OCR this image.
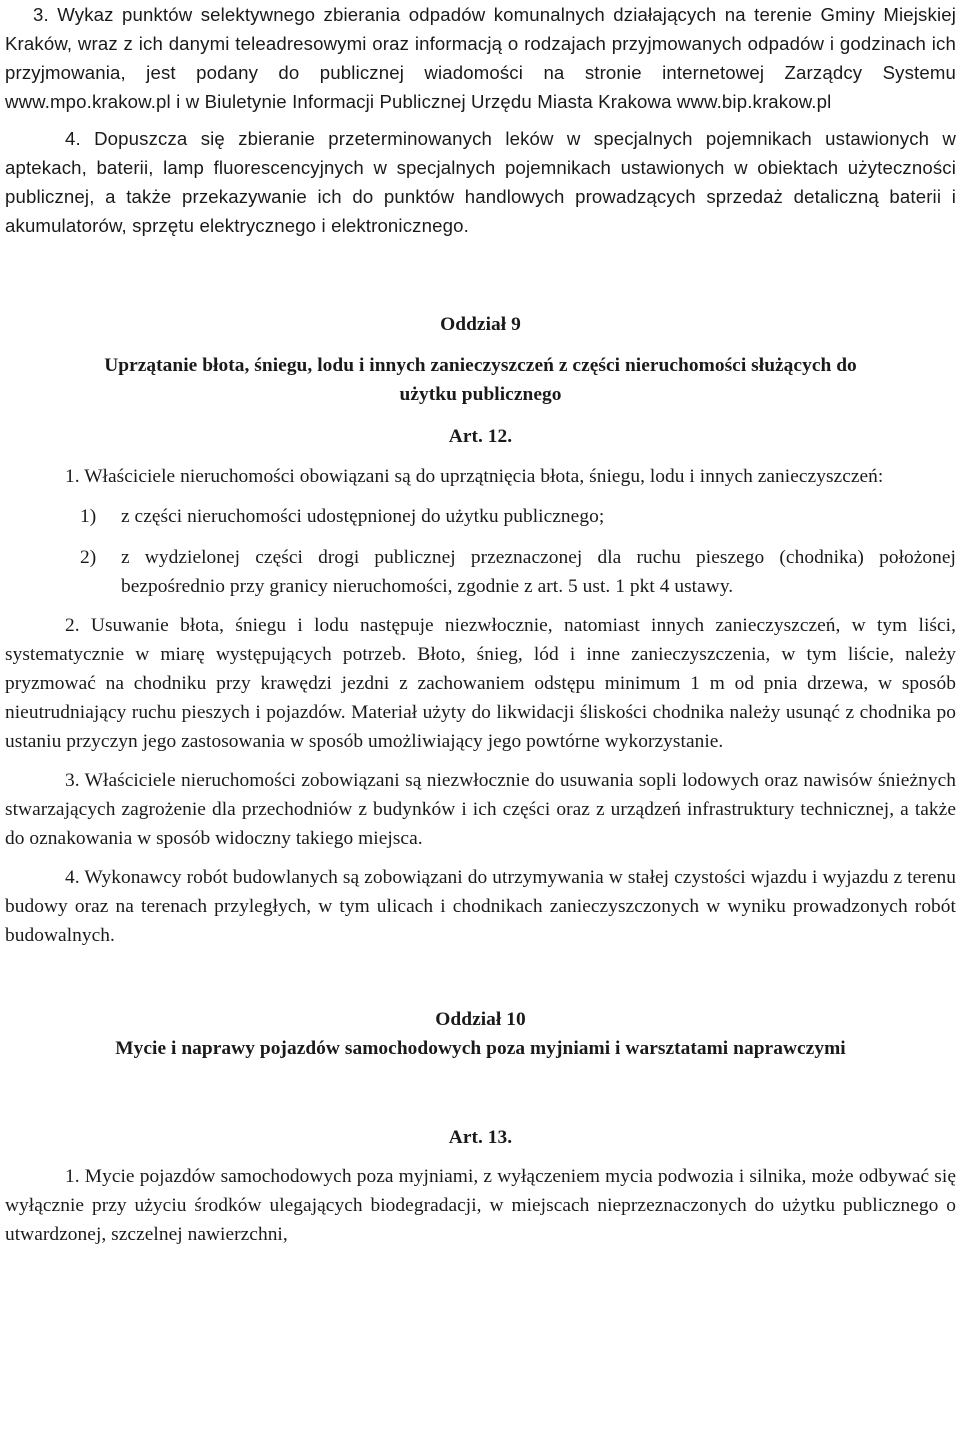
3. Wykaz punktów selektywnego zbierania odpadów komunalnych działających na terenie Gminy Miejskiej Kraków, wraz z ich danymi teleadresowymi oraz informacją o rodzajach przyjmowanych odpadów i godzinach ich przyjmowania, jest podany do publicznej wiadomości na stronie internetowej Zarządcy Systemu www.mpo.krakow.pl i w Biuletynie Informacji Publicznej Urzędu Miasta Krakowa www.bip.krakow.pl

4. Dopuszcza się zbieranie przeterminowanych leków w specjalnych pojemnikach ustawionych w aptekach, baterii, lamp fluorescencyjnych w specjalnych pojemnikach ustawionych w obiektach użyteczności publicznej, a także przekazywanie ich do punktów handlowych prowadzących sprzedaż detaliczną baterii i akumulatorów, sprzętu elektrycznego i elektronicznego.

Oddział 9
Uprzątanie błota, śniegu, lodu i innych zanieczyszczeń z części nieruchomości służących do użytku publicznego
Art. 12.

1. Właściciele nieruchomości obowiązani są do uprzątnięcia błota, śniegu, lodu i innych zanieczyszczeń:

1) z części nieruchomości udostępnionej do użytku publicznego;
2) z wydzielonej części drogi publicznej przeznaczonej dla ruchu pieszego (chodnika) położonej bezpośrednio przy granicy nieruchomości, zgodnie z art. 5 ust. 1 pkt 4 ustawy.

2. Usuwanie błota, śniegu i lodu następuje niezwłocznie, natomiast innych zanieczyszczeń, w tym liści, systematycznie w miarę występujących potrzeb. Błoto, śnieg, lód i inne zanieczyszczenia, w tym liście, należy pryzmować na chodniku przy krawędzi jezdni z zachowaniem odstępu minimum 1 m od pnia drzewa, w sposób nieutrudniający ruchu pieszych i pojazdów. Materiał użyty do likwidacji śliskości chodnika należy usunąć z chodnika po ustaniu przyczyn jego zastosowania w sposób umożliwiający jego powtórne wykorzystanie.

3. Właściciele nieruchomości zobowiązani są niezwłocznie do usuwania sopli lodowych oraz nawisów śnieżnych stwarzających zagrożenie dla przechodniów z budynków i ich części oraz z urządzeń infrastruktury technicznej, a także do oznakowania w sposób widoczny takiego miejsca.

4. Wykonawcy robót budowlanych są zobowiązani do utrzymywania w stałej czystości wjazdu i wyjazdu z terenu budowy oraz na terenach przyległych, w tym ulicach i chodnikach zanieczyszczonych w wyniku prowadzonych robót budowalnych.

Oddział 10
Mycie i naprawy pojazdów samochodowych poza myjniami i warsztatami naprawczymi
Art. 13.

1. Mycie pojazdów samochodowych poza myjniami, z wyłączeniem mycia podwozia i silnika, może odbywać się wyłącznie przy użyciu środków ulegających biodegradacji, w miejscach nieprzeznaczonych do użytku publicznego o utwardzonej, szczelnej nawierzchni,
